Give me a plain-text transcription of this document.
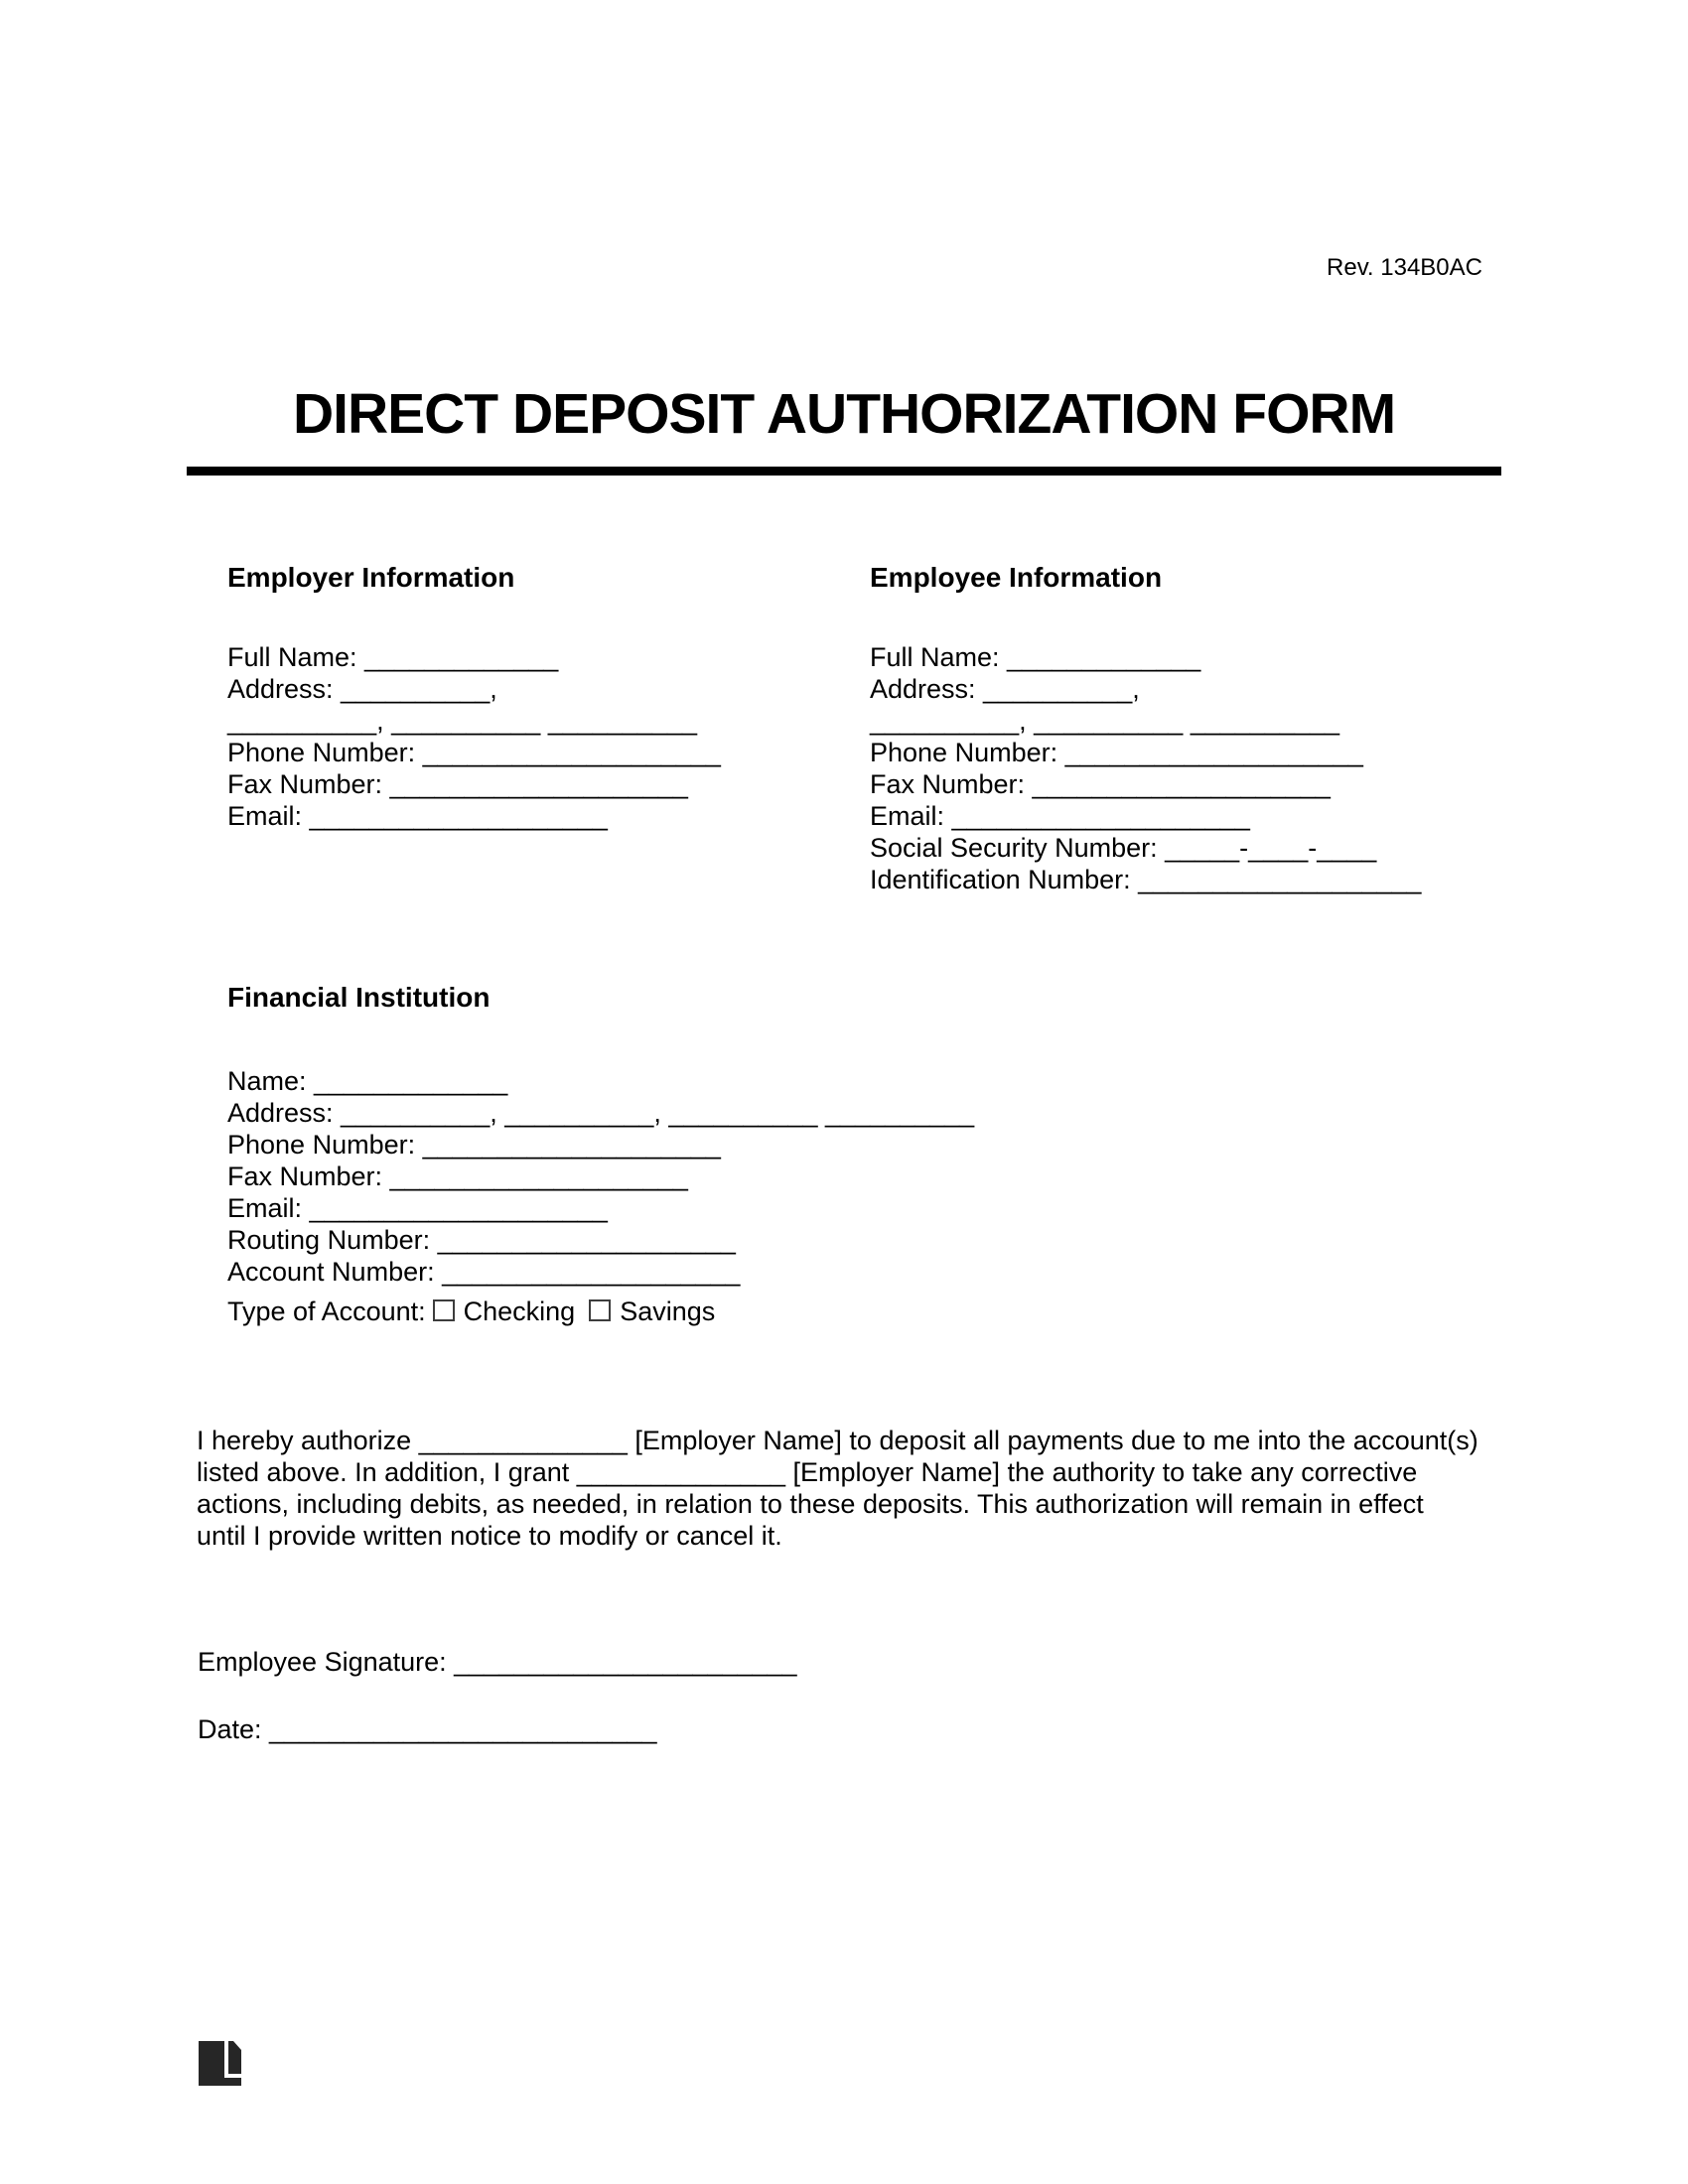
Rev. 134B0AC
DIRECT DEPOSIT AUTHORIZATION FORM
Employer Information
Full Name: _____________
Address: __________,
__________, __________ __________
Phone Number: ____________________
Fax Number: ____________________
Email: ____________________
Employee Information
Full Name: _____________
Address: __________,
__________, __________ __________
Phone Number: ____________________
Fax Number: ____________________
Email: ____________________
Social Security Number: _____-____-____
Identification Number: ___________________
Financial Institution
Name: _____________
Address: __________, __________, __________ __________
Phone Number: ____________________
Fax Number: ____________________
Email: ____________________
Routing Number: ____________________
Account Number: ____________________
Type of Account: Checking Savings
I hereby authorize ______________ [Employer Name] to deposit all payments due to me into the account(s)
listed above. In addition, I grant ______________ [Employer Name] the authority to take any corrective
actions, including debits, as needed, in relation to these deposits. This authorization will remain in effect
until I provide written notice to modify or cancel it.
Employee Signature: _______________________
Date: __________________________
